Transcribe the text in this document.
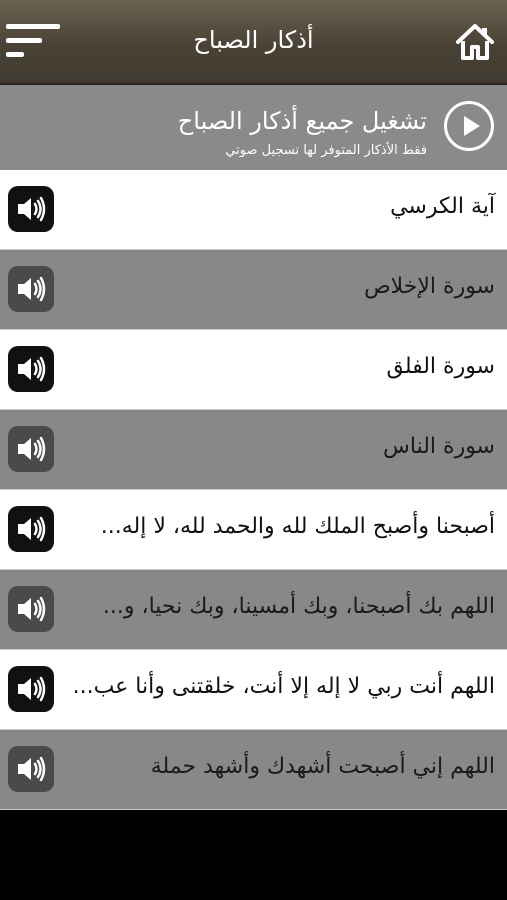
أذكار الصباح
تشغيل جميع أذكار الصباح
فقط الأذكار المتوفر لها تسجيل صوتي
آية الكرسي
سورة الإخلاص
سورة الفلق
سورة الناس
أصبحنا وأصبح الملك لله والحمد لله، لا إله...
اللهم بك أصبحنا، وبك أمسينا، وبك نحيا، و...
اللهم أنت ربي لا إله إلا أنت، خلقتنى وأنا عب...
اللهم إني أصبحت أشهدك وأشهد حملة
